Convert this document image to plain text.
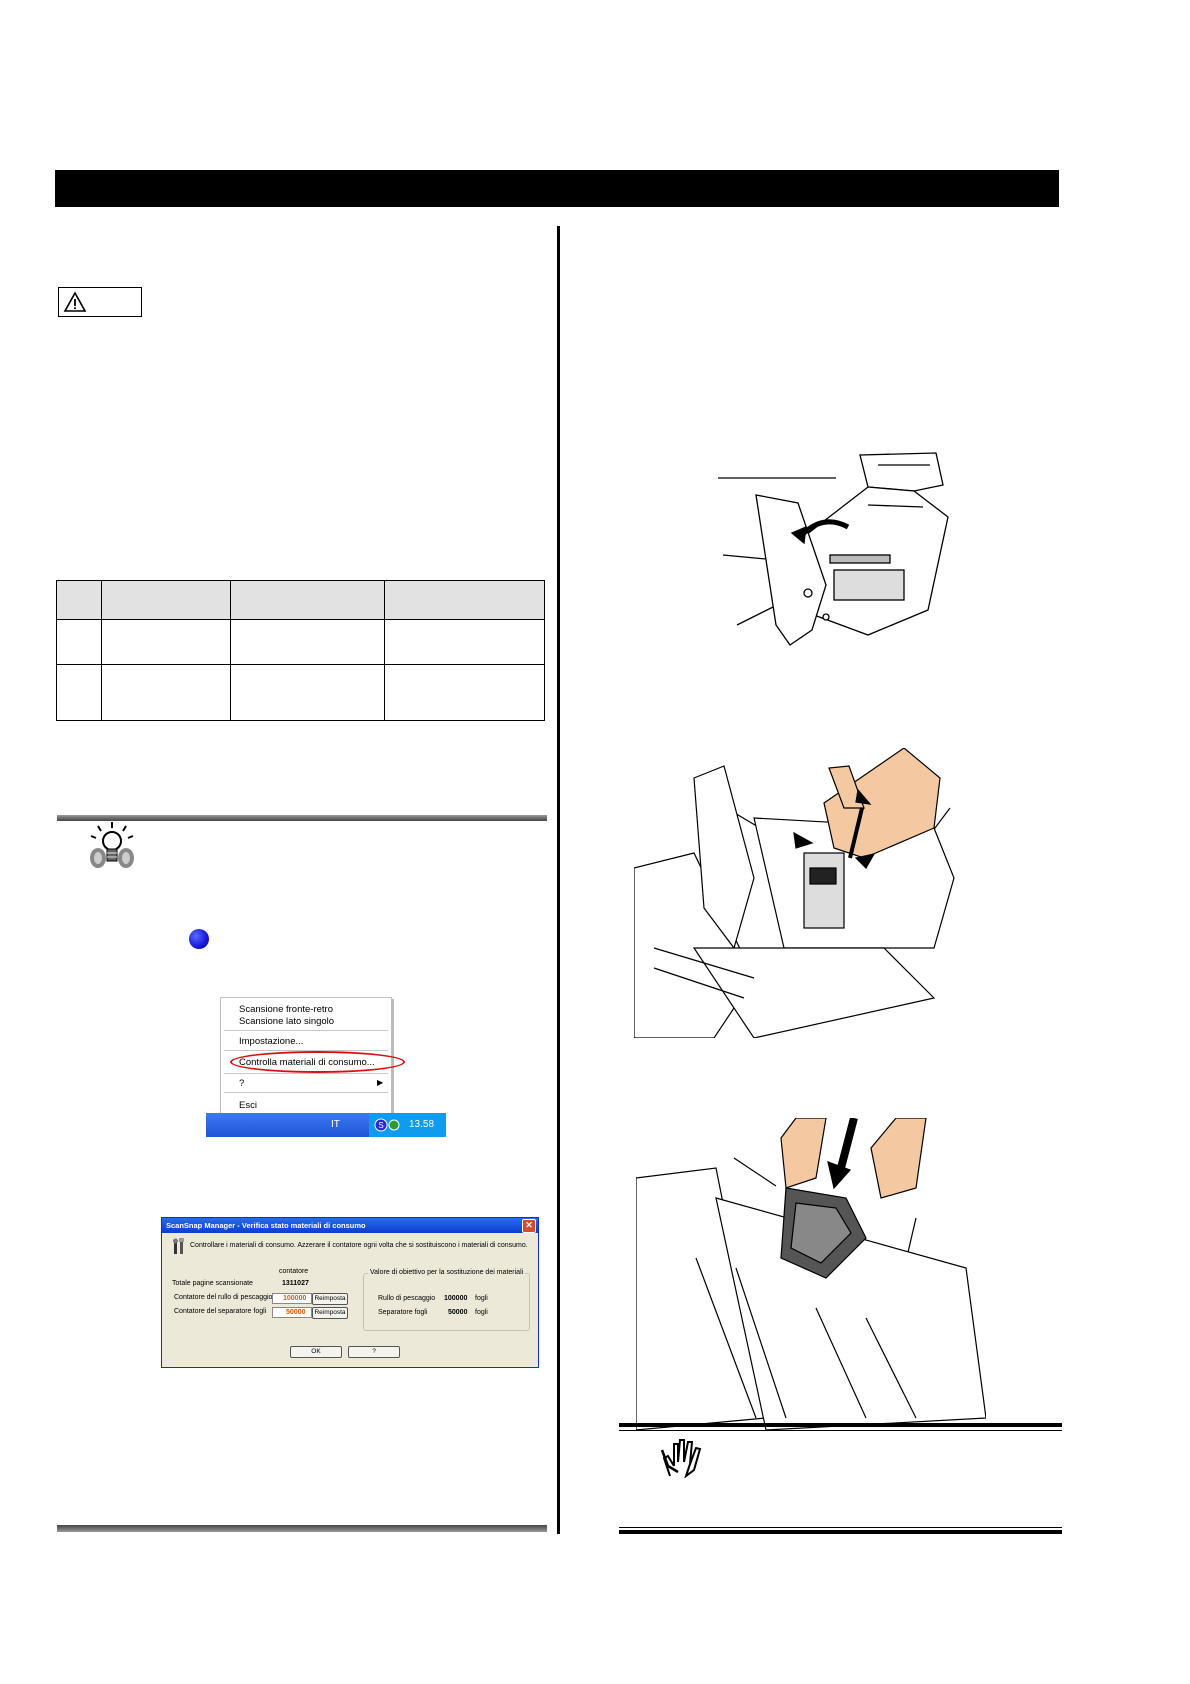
Scansione fronte-retro
Scansione lato singolo
Impostazione...
Controlla materiali di consumo...
?	▶
Esci
IT	S	13.58
ScanSnap Manager - Verifica stato materiali di consumo	✕
Controllare i materiali di consumo. Azzerare il contatore ogni volta che si sostituiscono i materiali di consumo.
contatore
Totale pagine scansionate	1311027
Contatore del rullo di pescaggio 100000	Reimposta
Contatore del separatore fogli	50000	Reimposta
Valore di obiettivo per la sostituzione dei materiali
Rullo di pescaggio 100000 fogli
Separatore fogli	50000 fogli
OK	?
